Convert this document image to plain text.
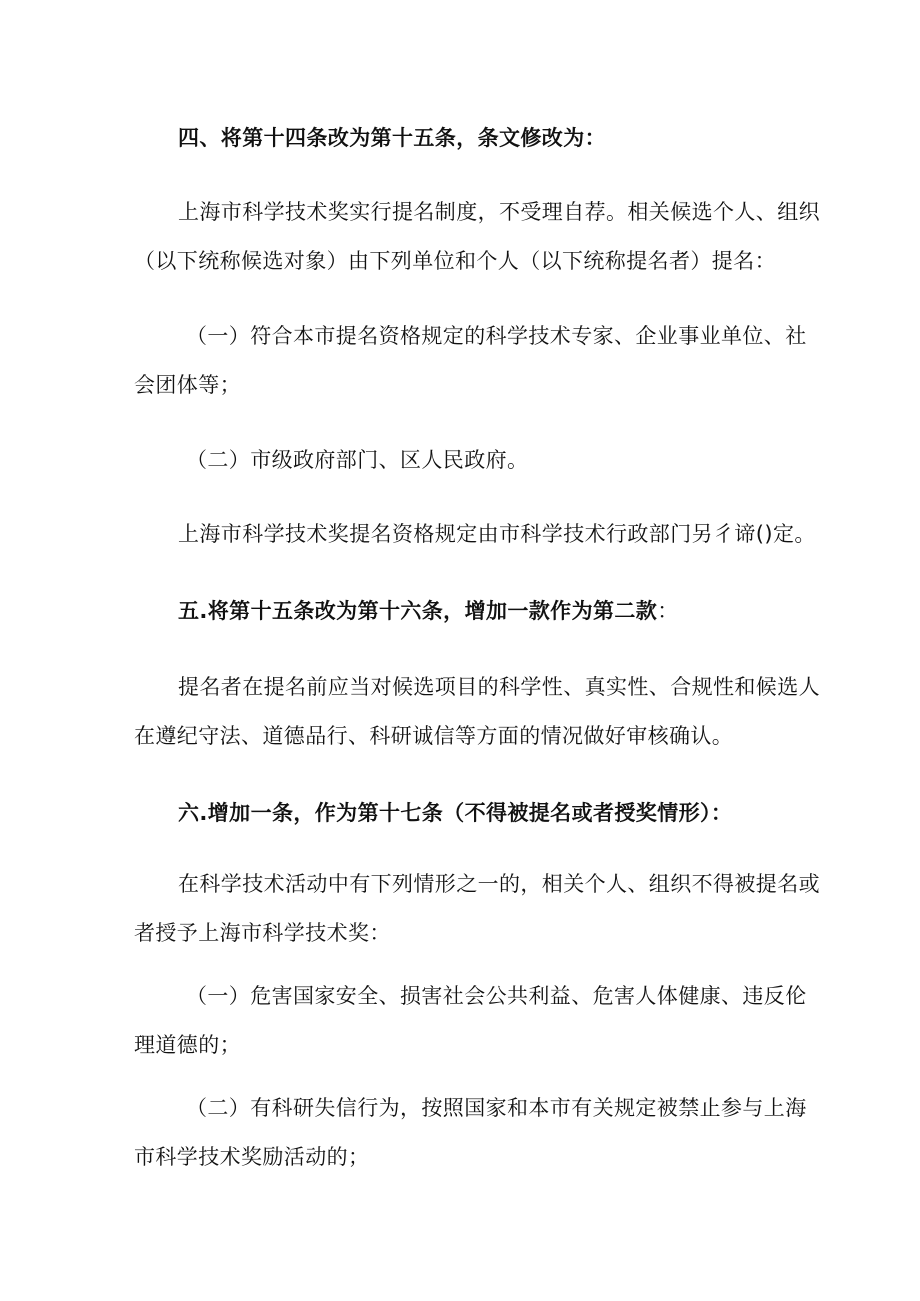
四、将第十四条改为第十五条，条文修改为：
上海市科学技术奖实行提名制度，不受理自荐。相关候选个人、组织
（以下统称候选对象）由下列单位和个人（以下统称提名者）提名：
（一）符合本市提名资格规定的科学技术专家、企业事业单位、社
会团体等；
（二）市级政府部门、区人民政府。
上海市科学技术奖提名资格规定由市科学技术行政部门另彳谛()定。
五.将第十五条改为第十六条，增加一款作为第二款：
提名者在提名前应当对候选项目的科学性、真实性、合规性和候选人
在遵纪守法、道德品行、科研诚信等方面的情况做好审核确认。
六.增加一条，作为第十七条（不得被提名或者授奖情形）：
在科学技术活动中有下列情形之一的，相关个人、组织不得被提名或
者授予上海市科学技术奖：
（一）危害国家安全、损害社会公共利益、危害人体健康、违反伦
理道德的；
（二）有科研失信行为，按照国家和本市有关规定被禁止参与上海
市科学技术奖励活动的；
